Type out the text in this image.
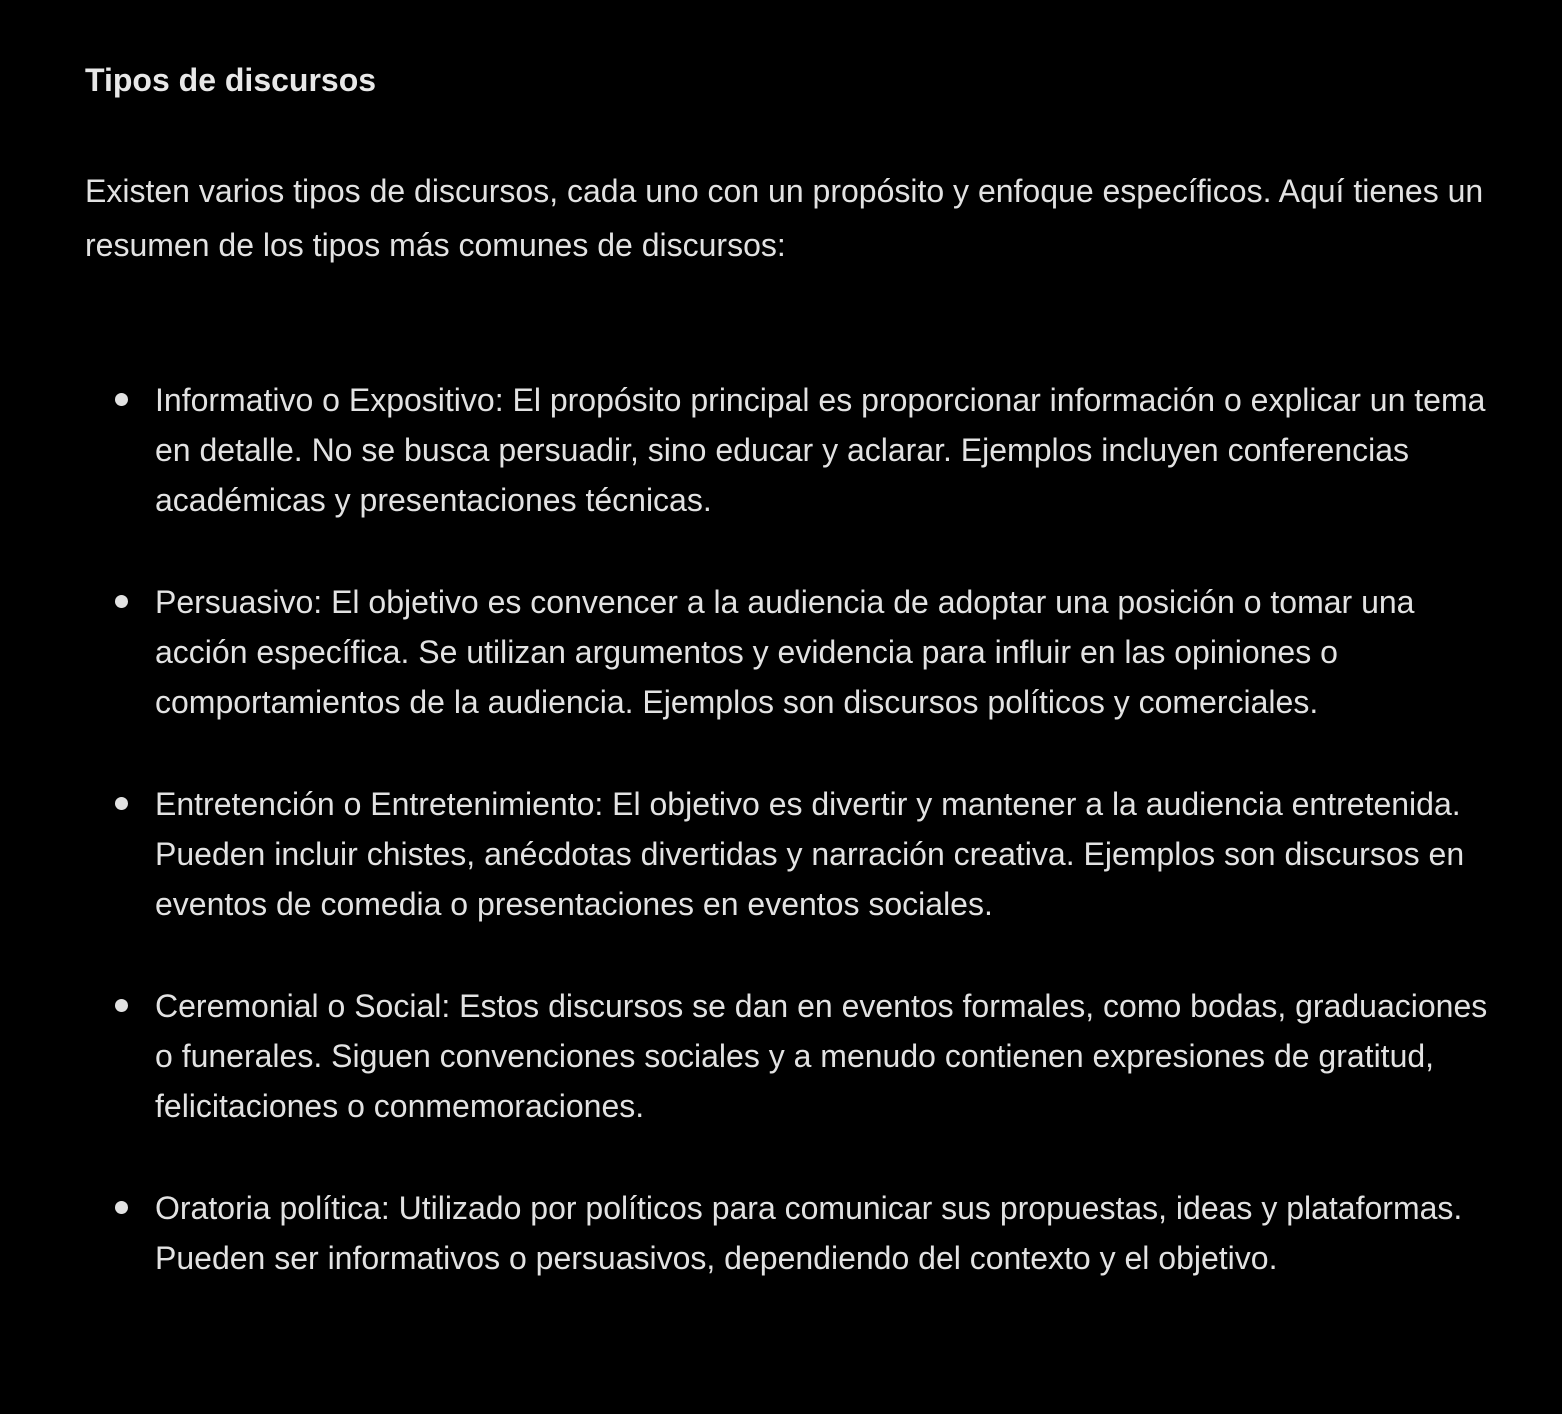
Tipos de discursos

Existen varios tipos de discursos, cada uno con un propósito y enfoque específicos. Aquí tienes un resumen de los tipos más comunes de discursos:

Informativo o Expositivo: El propósito principal es proporcionar información o explicar un tema en detalle. No se busca persuadir, sino educar y aclarar. Ejemplos incluyen conferencias académicas y presentaciones técnicas.
Persuasivo: El objetivo es convencer a la audiencia de adoptar una posición o tomar una acción específica. Se utilizan argumentos y evidencia para influir en las opiniones o comportamientos de la audiencia. Ejemplos son discursos políticos y comerciales.
Entretención o Entretenimiento: El objetivo es divertir y mantener a la audiencia entretenida. Pueden incluir chistes, anécdotas divertidas y narración creativa. Ejemplos son discursos en eventos de comedia o presentaciones en eventos sociales.
Ceremonial o Social: Estos discursos se dan en eventos formales, como bodas, graduaciones o funerales. Siguen convenciones sociales y a menudo contienen expresiones de gratitud, felicitaciones o conmemoraciones.
Oratoria política: Utilizado por políticos para comunicar sus propuestas, ideas y plataformas. Pueden ser informativos o persuasivos, dependiendo del contexto y el objetivo.
